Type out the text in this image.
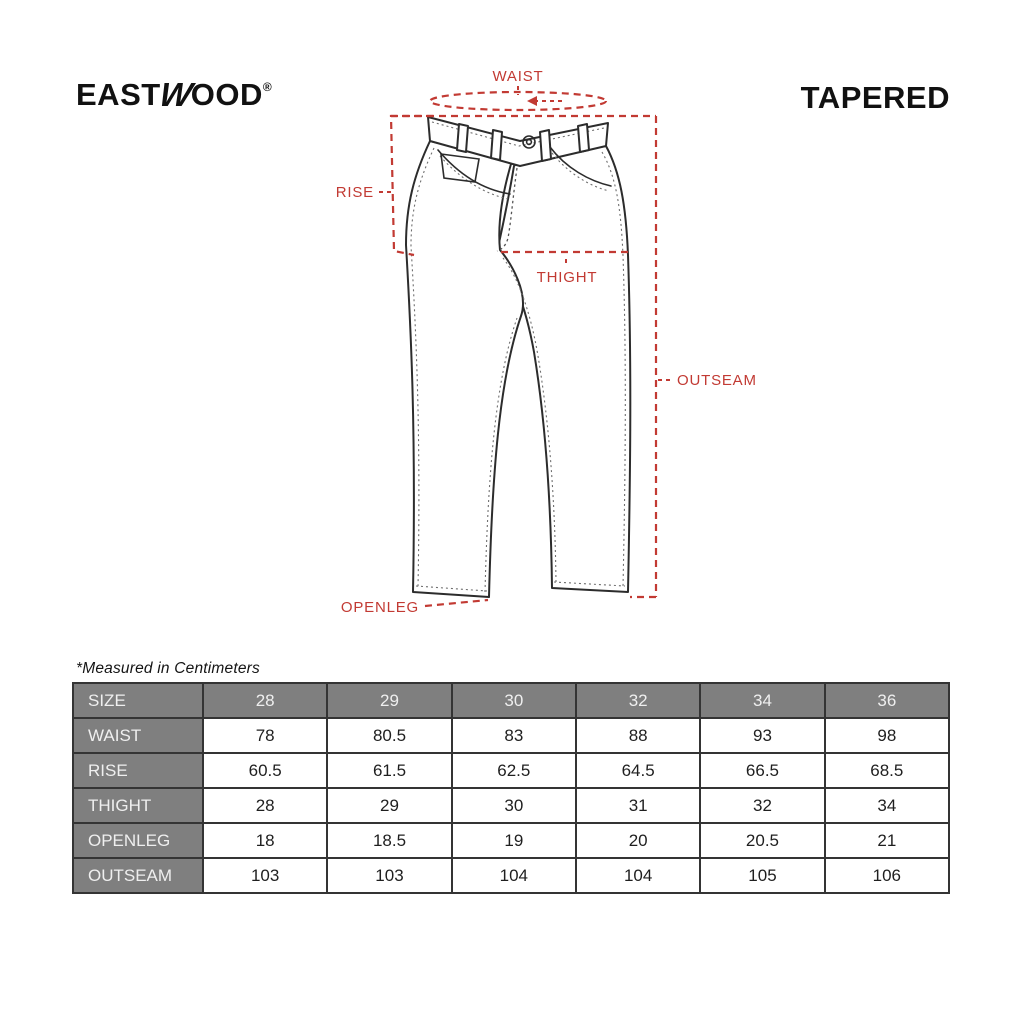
EASTWOOD®	TAPERED
WAIST
RISE
THIGHT
OUTSEAM
OPENLEG
*Measured in Centimeters
SIZE	28	29	30	32	34	36
WAIST	78	80.5	83	88	93	98
RISE	60.5	61.5	62.5	64.5	66.5	68.5
THIGHT	28	29	30	31	32	34
OPENLEG	18	18.5	19	20	20.5	21
OUTSEAM	103	103	104	104	105	106
